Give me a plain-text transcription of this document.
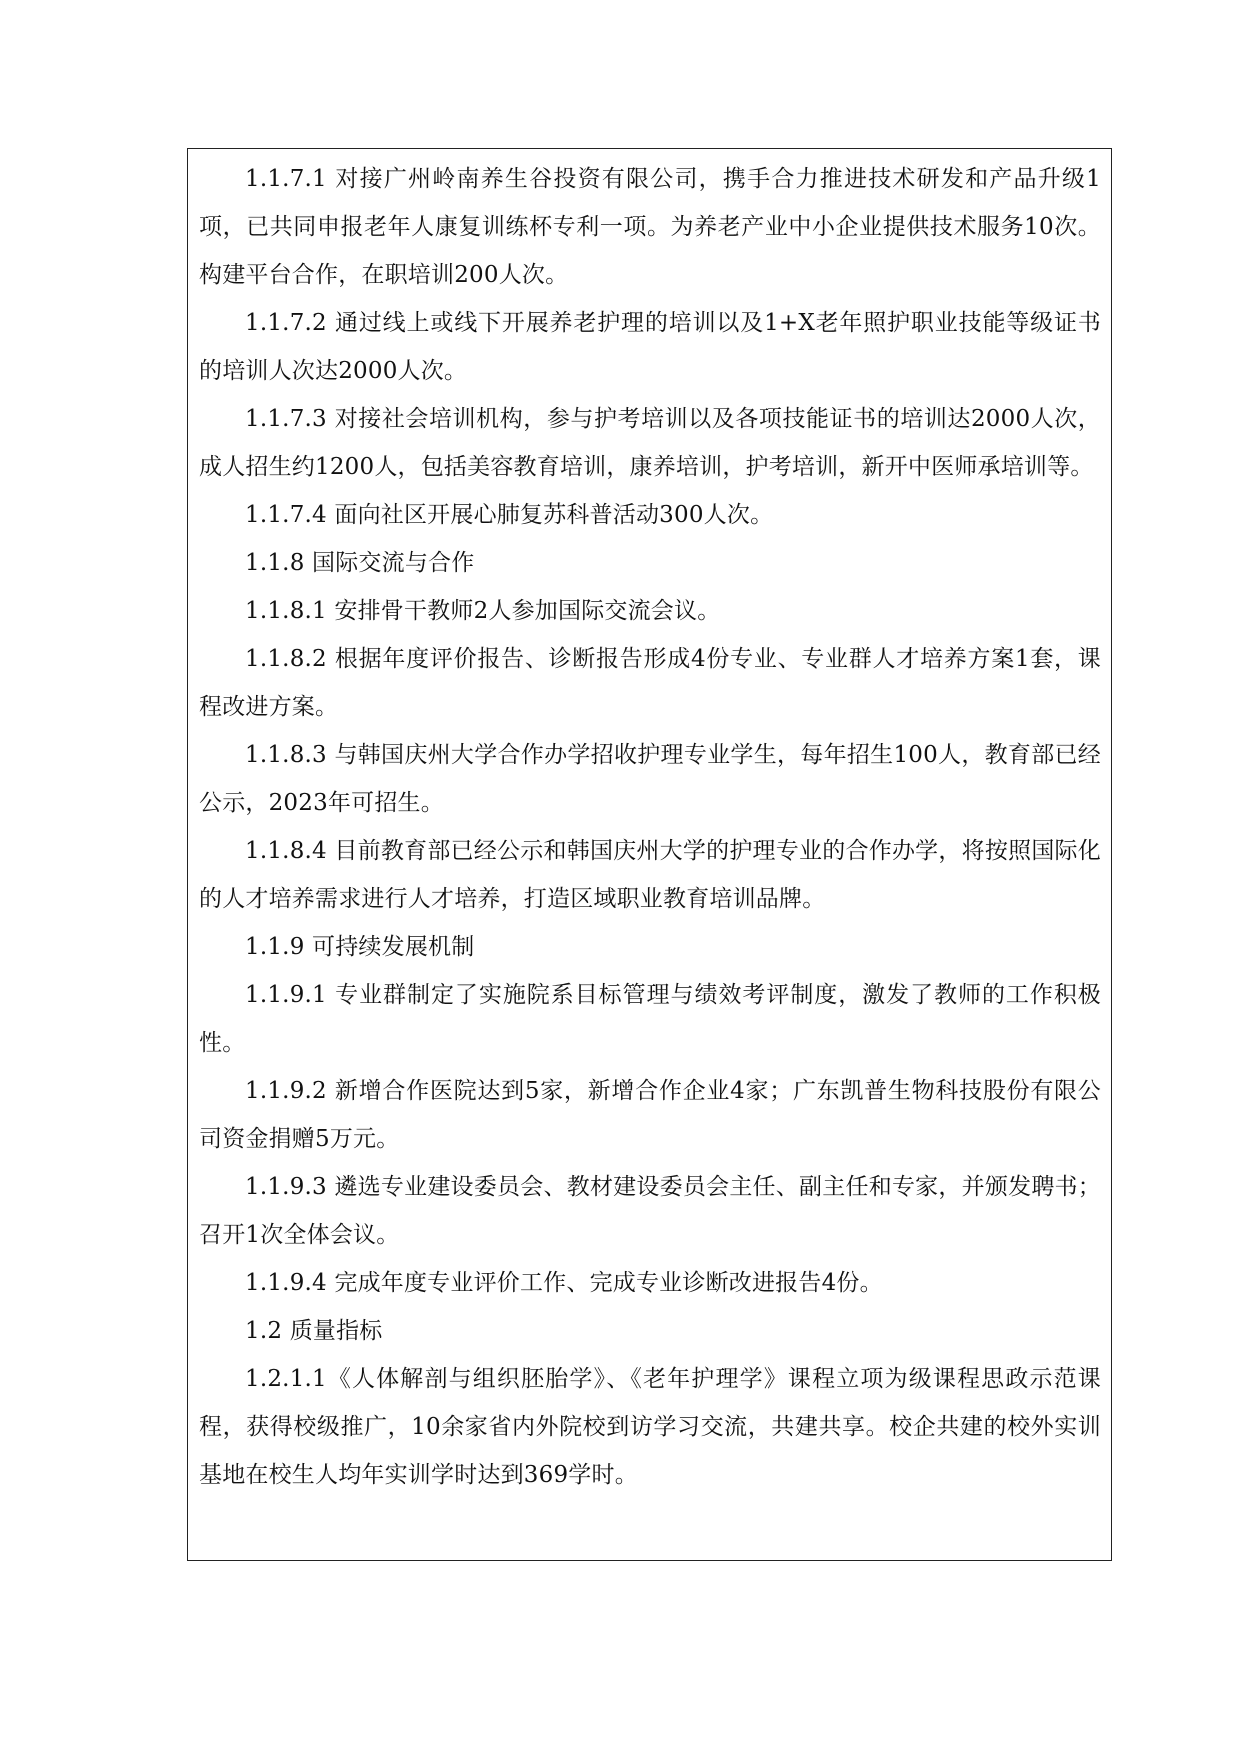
1.1.7.1 对接广州岭南养生谷投资有限公司，携手合力推进技术研发和产品升级1项，已共同申报老年人康复训练杯专利一项。为养老产业中小企业提供技术服务10次。构建平台合作，在职培训200人次。

1.1.7.2 通过线上或线下开展养老护理的培训以及1+X老年照护职业技能等级证书的培训人次达2000人次。

1.1.7.3 对接社会培训机构，参与护考培训以及各项技能证书的培训达2000人次，成人招生约1200人，包括美容教育培训，康养培训，护考培训，新开中医师承培训等。

1.1.7.4 面向社区开展心肺复苏科普活动300人次。

1.1.8 国际交流与合作

1.1.8.1 安排骨干教师2人参加国际交流会议。

1.1.8.2 根据年度评价报告、诊断报告形成4份专业、专业群人才培养方案1套，课程改进方案。

1.1.8.3 与韩国庆州大学合作办学招收护理专业学生，每年招生100人，教育部已经公示，2023年可招生。

1.1.8.4 目前教育部已经公示和韩国庆州大学的护理专业的合作办学，将按照国际化的人才培养需求进行人才培养，打造区域职业教育培训品牌。

1.1.9 可持续发展机制

1.1.9.1 专业群制定了实施院系目标管理与绩效考评制度，激发了教师的工作积极性。

1.1.9.2 新增合作医院达到5家，新增合作企业4家；广东凯普生物科技股份有限公司资金捐赠5万元。

1.1.9.3 遴选专业建设委员会、教材建设委员会主任、副主任和专家，并颁发聘书；召开1次全体会议。

1.1.9.4 完成年度专业评价工作、完成专业诊断改进报告4份。

1.2 质量指标

1.2.1.1《人体解剖与组织胚胎学》、《老年护理学》课程立项为级课程思政示范课程，获得校级推广，10余家省内外院校到访学习交流，共建共享。校企共建的校外实训基地在校生人均年实训学时达到369学时。
